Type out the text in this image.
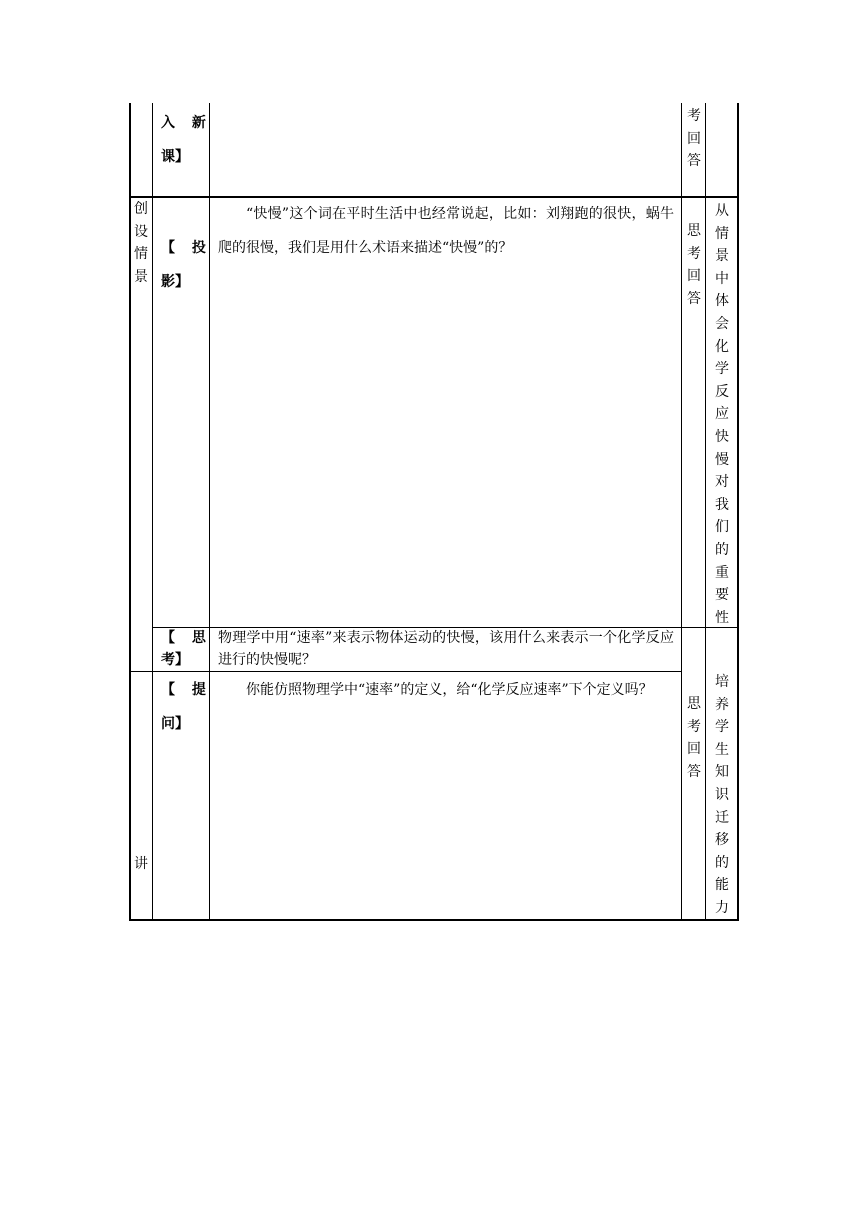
入 新
课】
考回答
创设情景
【 投
影】
“快慢”这个词在平时生活中也经常说起，比如：刘翔跑的很快，蜗牛爬的很慢，我们是用什么术语来描述“快慢”的？
思考回答
从情景中体会化学反应快慢对我们的重要性
【 思
考】
物理学中用“速率”来表示物体运动的快慢，该用什么来表示一个化学反应进行的快慢呢？
讲
【 提
问】
你能仿照物理学中“速率”的定义，给“化学反应速率”下个定义吗？
思考回答
培养学生知识迁移的能力
